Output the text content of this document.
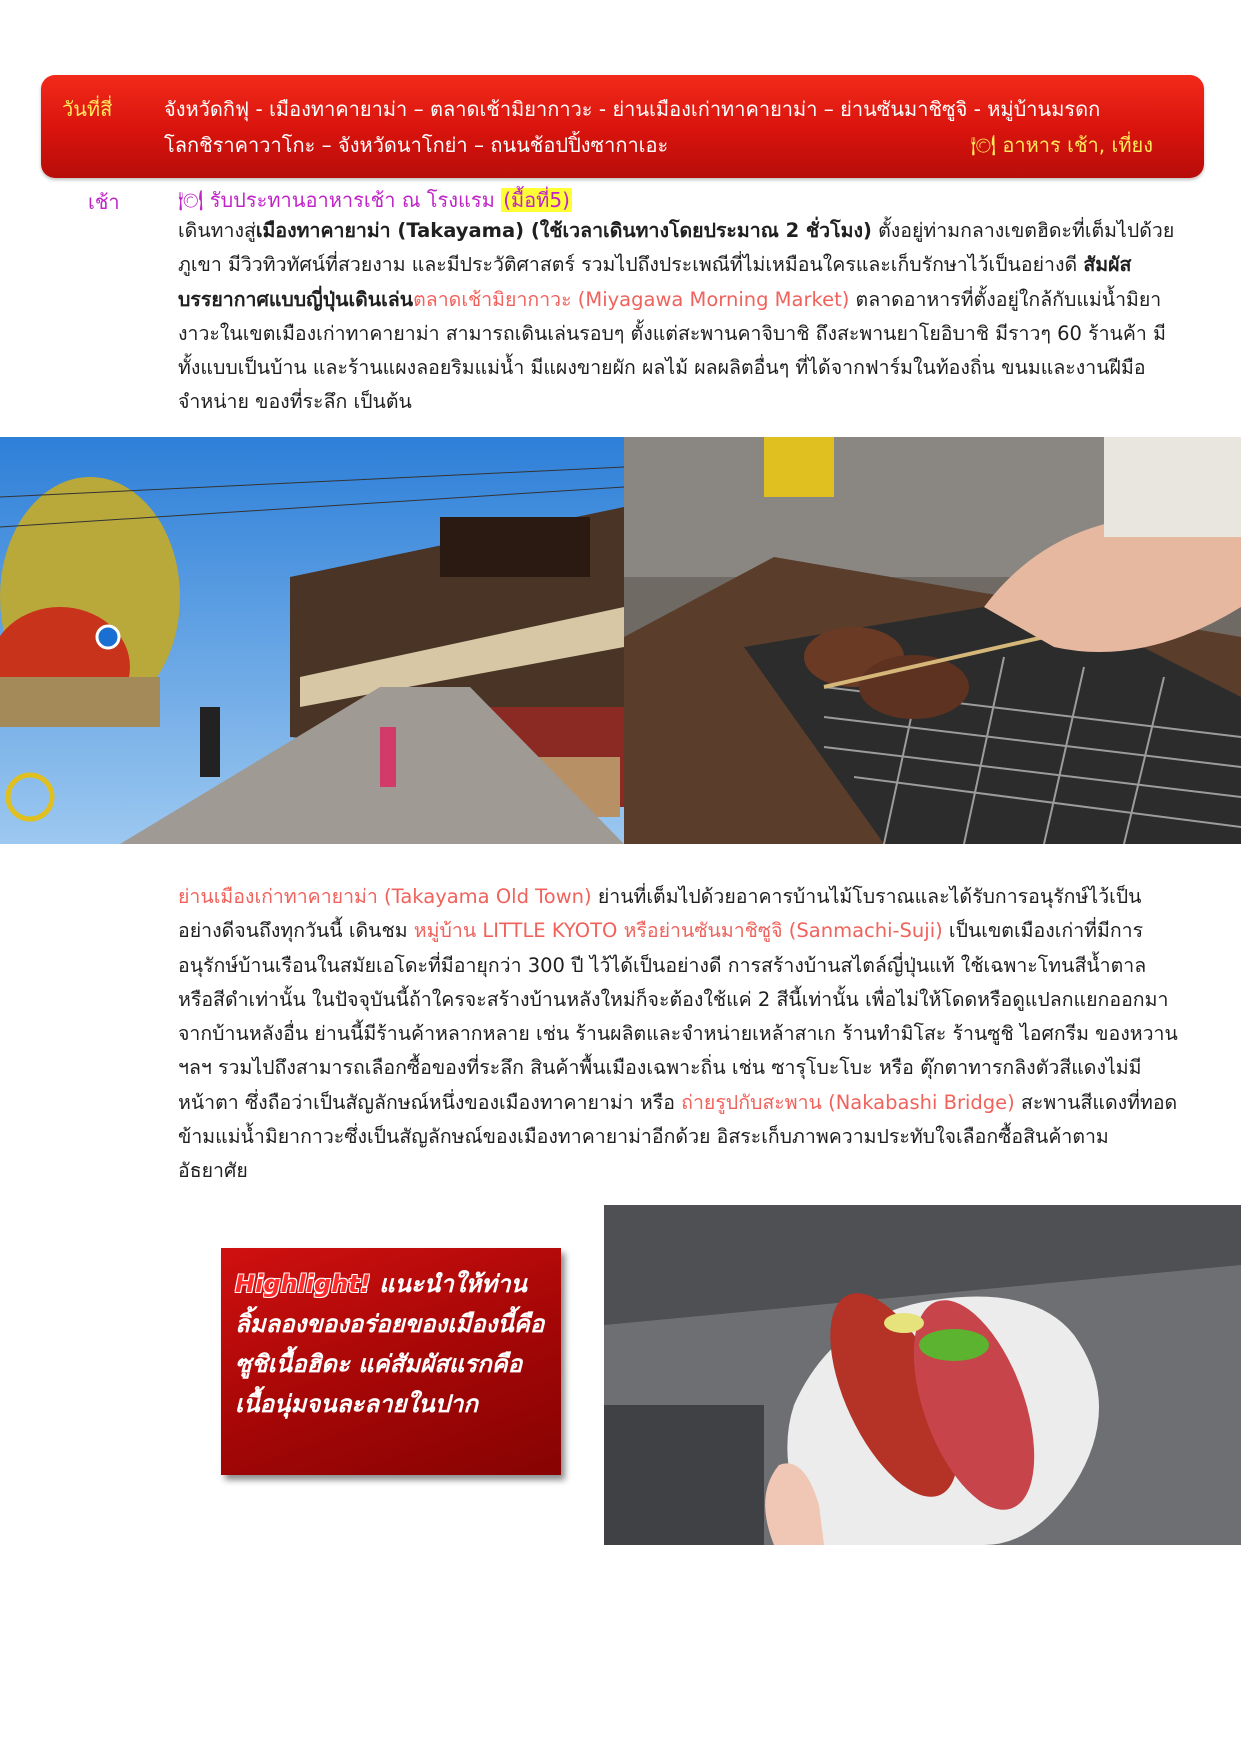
วันที่สี่	จังหวัดกิฟุ - เมืองทาคายาม่า – ตลาดเช้ามิยากาวะ - ย่านเมืองเก่าทาคายาม่า – ย่านซันมาชิซูจิ - หมู่บ้านมรดก
โลกชิราคาวาโกะ – จังหวัดนาโกย่า – ถนนช้อปปิ้งซากาเอะ	🍽 อาหาร เช้า, เที่ยง
เช้า	🍽 รับประทานอาหารเช้า ณ โรงแรม (มื้อที่5)
เดินทางสู่เมืองทาคายาม่า (Takayama) (ใช้เวลาเดินทางโดยประมาณ 2 ชั่วโมง) ตั้งอยู่ท่ามกลางเขตฮิดะที่เต็มไปด้วยภูเขา มีวิวทิวทัศน์ที่สวยงาม และมีประวัติศาสตร์ รวมไปถึงประเพณีที่ไม่เหมือนใครและเก็บรักษาไว้เป็นอย่างดี สัมผัสบรรยากาศแบบญี่ปุ่นเดินเล่นตลาดเช้ามิยากาวะ (Miyagawa Morning Market) ตลาดอาหารที่ตั้งอยู่ใกล้กับแม่น้ำมิยางาวะในเขตเมืองเก่าทาคายาม่า สามารถเดินเล่นรอบๆ ตั้งแต่สะพานคาจิบาชิ ถึงสะพานยาโยอิบาชิ มีราวๆ 60 ร้านค้า มีทั้งแบบเป็นบ้าน และร้านแผงลอยริมแม่น้ำ มีแผงขายผัก ผลไม้ ผลผลิตอื่นๆ ที่ได้จากฟาร์มในท้องถิ่น ขนมและงานฝีมือจำหน่าย ของที่ระลึก เป็นต้น
ย่านเมืองเก่าทาคายาม่า (Takayama Old Town) ย่านที่เต็มไปด้วยอาคารบ้านไม้โบราณและได้รับการอนุรักษ์ไว้เป็นอย่างดีจนถึงทุกวันนี้ เดินชม หมู่บ้าน LITTLE KYOTO หรือย่านซันมาชิซูจิ (Sanmachi-Suji) เป็นเขตเมืองเก่าที่มีการอนุรักษ์บ้านเรือนในสมัยเอโดะที่มีอายุกว่า 300 ปี ไว้ได้เป็นอย่างดี การสร้างบ้านสไตล์ญี่ปุ่นแท้ ใช้เฉพาะโทนสีน้ำตาลหรือสีดำเท่านั้น ในปัจจุบันนี้ถ้าใครจะสร้างบ้านหลังใหม่ก็จะต้องใช้แค่ 2 สีนี้เท่านั้น เพื่อไม่ให้โดดหรือดูแปลกแยกออกมาจากบ้านหลังอื่น ย่านนี้มีร้านค้าหลากหลาย เช่น ร้านผลิตและจำหน่ายเหล้าสาเก ร้านทำมิโสะ ร้านซูชิ ไอศกรีม ของหวาน ฯลฯ รวมไปถึงสามารถเลือกซื้อของที่ระลึก สินค้าพื้นเมืองเฉพาะถิ่น เช่น ซารุโบะโบะ หรือ ตุ๊กตาทารกลิงตัวสีแดงไม่มีหน้าตา ซึ่งถือว่าเป็นสัญลักษณ์หนึ่งของเมืองทาคายาม่า หรือ ถ่ายรูปกับสะพาน (Nakabashi Bridge) สะพานสีแดงที่ทอดข้ามแม่น้ำมิยากาวะซึ่งเป็นสัญลักษณ์ของเมืองทาคายาม่าอีกด้วย อิสระเก็บภาพความประทับใจเลือกซื้อสินค้าตามอัธยาศัย
Highlight! แนะนำให้ท่านลิ้มลองของอร่อยของเมืองนี้คือ ซูชิเนื้อฮิดะ แค่สัมผัสแรกคือเนื้อนุ่มจนละลายในปาก
